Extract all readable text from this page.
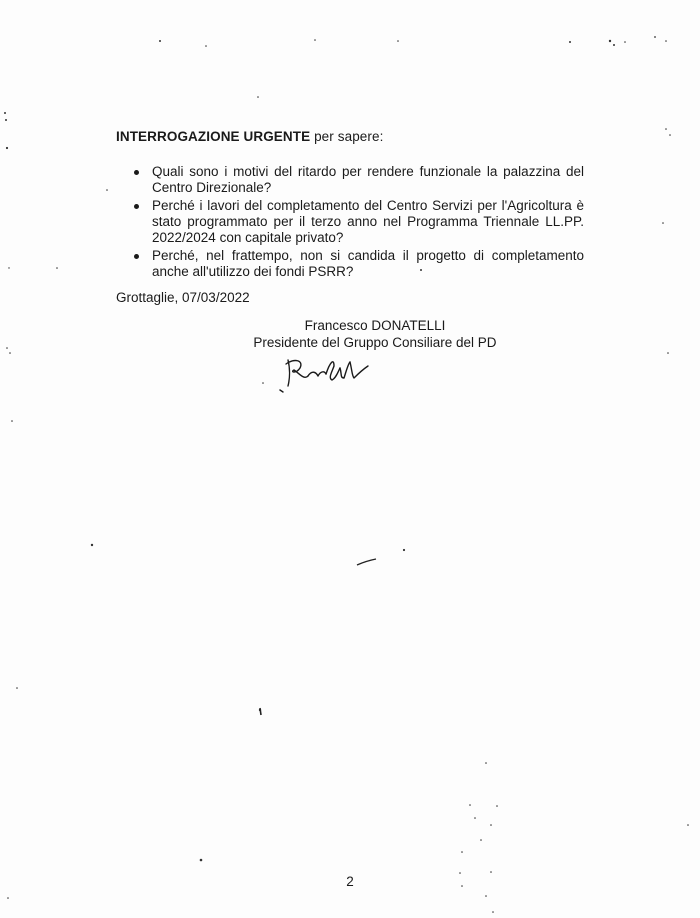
INTERROGAZIONE URGENTE per sapere:
Quali sono i motivi del ritardo per rendere funzionale la palazzina del Centro Direzionale?
Perché i lavori del completamento del Centro Servizi per l'Agricoltura è stato programmato per il terzo anno nel Programma Triennale LL.PP. 2022/2024 con capitale privato?
Perché, nel frattempo, non si candida il progetto di completamento anche all'utilizzo dei fondi PSRR?
Grottaglie, 07/03/2022
Francesco DONATELLI
Presidente del Gruppo Consiliare del PD
2
